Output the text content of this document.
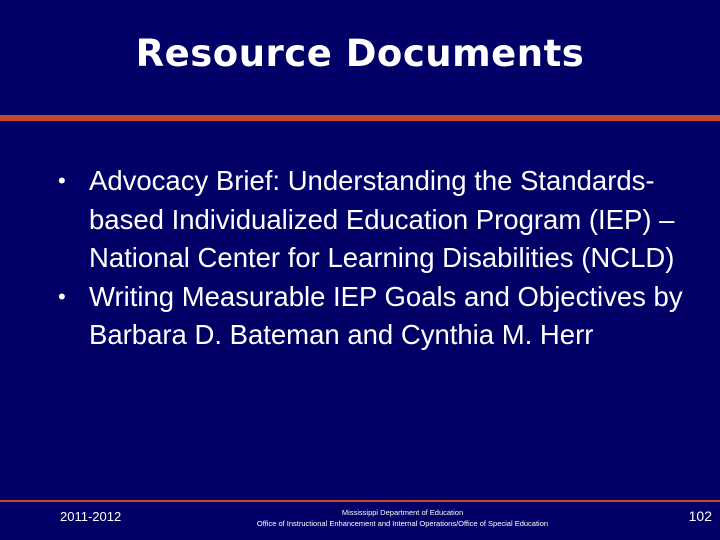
Resource Documents
• Advocacy Brief: Understanding the Standards-based Individualized Education Program (IEP) – National Center for Learning Disabilities (NCLD)
• Writing Measurable IEP Goals and Objectives by Barbara D. Bateman and Cynthia M. Herr
2011-2012	Mississippi Department of Education
Office of Instructional Enhancement and Internal Operations/Office of Special Education	102
